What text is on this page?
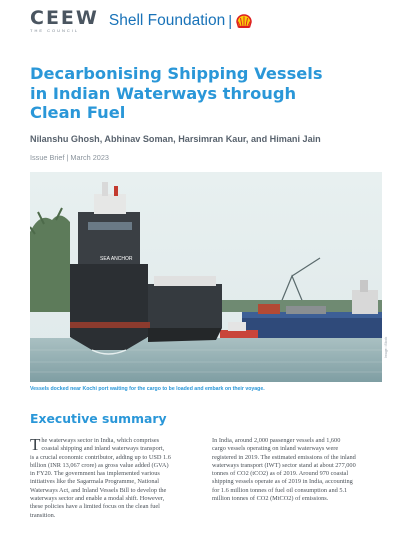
CEEW
THE COUNCIL
Shell Foundation |
Decarbonising Shipping Vessels
in Indian Waterways through
Clean Fuel
Nilanshu Ghosh, Abhinav Soman, Harsimran Kaur, and Himani Jain
Issue Brief | March 2023
SEA ANCHOR
Image: iStock
Vessels docked near Kochi port waiting for the cargo to be loaded and embark on their voyage.
Executive summary
T he waterways sector in India, which comprises
coastal shipping and inland waterways transport,
is a crucial economic contributor, adding up to USD 1.6
billion (INR 13,067 crore) as gross value added (GVA)
in FY20. The government has implemented various
initiatives like the Sagarmala Programme, National
Waterways Act, and Inland Vessels Bill to develop the
waterways sector and enable a modal shift. However,
these policies have a limited focus on the clean fuel
transition.
In India, around 2,000 passenger vessels and 1,600
cargo vessels operating on inland waterways were
registered in 2019. The estimated emissions of the inland
waterways transport (IWT) sector stand at about 277,000
tonnes of CO2 (tCO2) as of 2019. Around 970 coastal
shipping vessels operate as of 2019 in India, accounting
for 1.6 million tonnes of fuel oil consumption and 5.1
million tonnes of CO2 (MtCO2) of emissions.
